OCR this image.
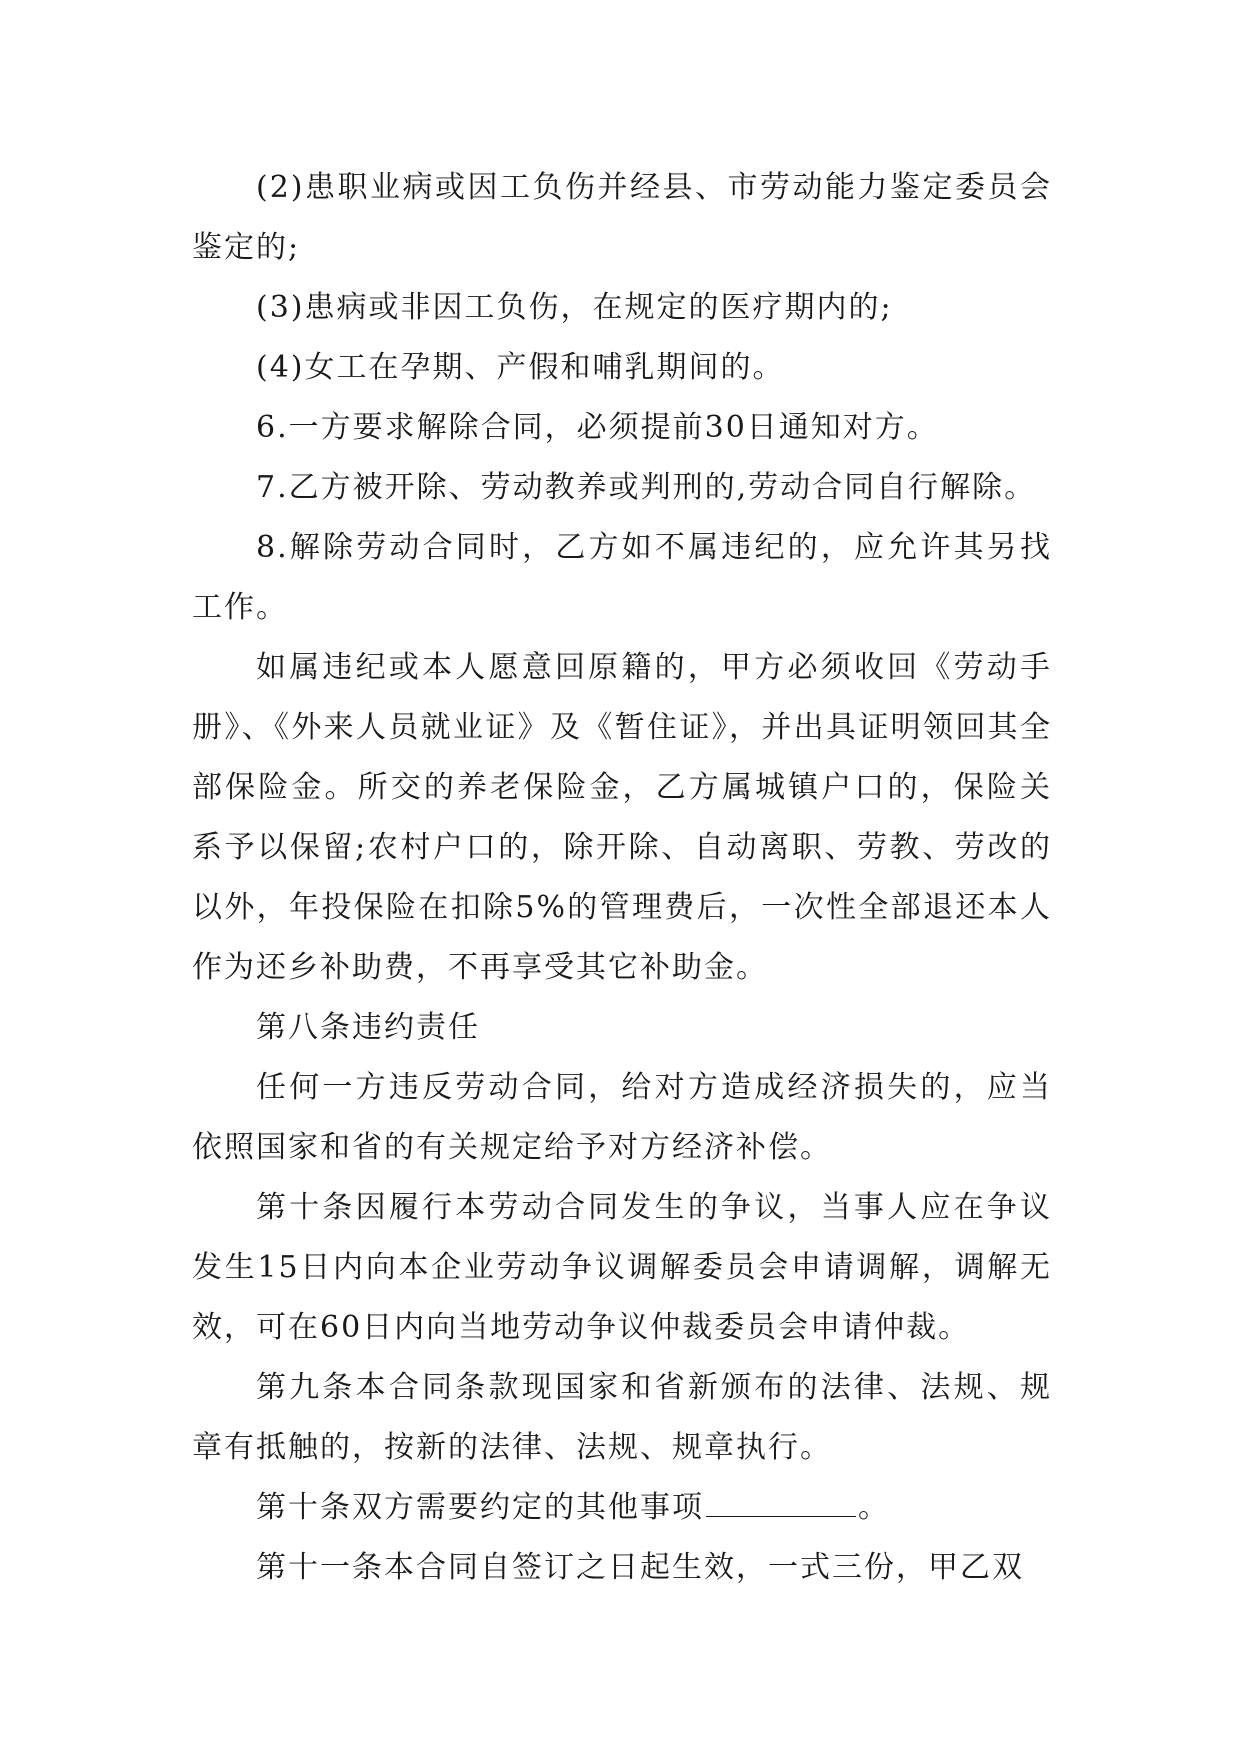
(2)患职业病或因工负伤并经县、市劳动能力鉴定委员会鉴定的;

(3)患病或非因工负伤，在规定的医疗期内的;

(4)女工在孕期、产假和哺乳期间的。

6.一方要求解除合同，必须提前30日通知对方。

7.乙方被开除、劳动教养或判刑的,劳动合同自行解除。

8.解除劳动合同时，乙方如不属违纪的，应允许其另找工作。

如属违纪或本人愿意回原籍的，甲方必须收回《劳动手册》、《外来人员就业证》及《暂住证》，并出具证明领回其全部保险金。所交的养老保险金，乙方属城镇户口的，保险关系予以保留;农村户口的，除开除、自动离职、劳教、劳改的以外，年投保险在扣除5%的管理费后，一次性全部退还本人作为还乡补助费，不再享受其它补助金。

第八条违约责任

任何一方违反劳动合同，给对方造成经济损失的，应当依照国家和省的有关规定给予对方经济补偿。

第十条因履行本劳动合同发生的争议，当事人应在争议发生15日内向本企业劳动争议调解委员会申请调解，调解无效，可在60日内向当地劳动争议仲裁委员会申请仲裁。

第九条本合同条款现国家和省新颁布的法律、法规、规章有抵触的，按新的法律、法规、规章执行。

第十条双方需要约定的其他事项	。

第十一条本合同自签订之日起生效，一式三份，甲乙双
